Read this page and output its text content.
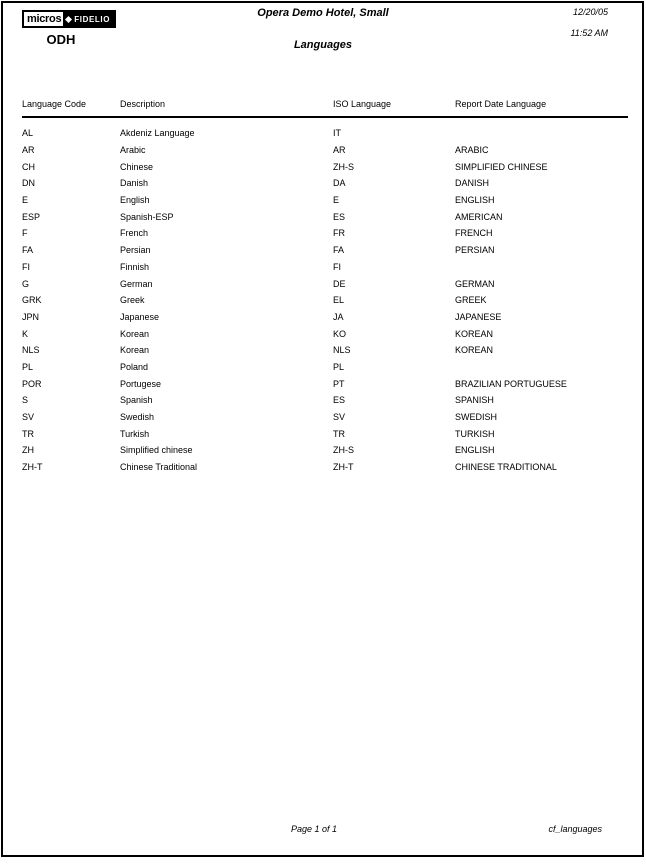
micros FIDELIO
ODH
Opera Demo Hotel, Small
Languages
12/20/05
11:52 AM
Language Code	Description	ISO Language	Report Date Language

AL	Akdeniz Language	IT	
AR	Arabic	AR	ARABIC
CH	Chinese	ZH-S	SIMPLIFIED CHINESE
DN	Danish	DA	DANISH
E	English	E	ENGLISH
ESP	Spanish-ESP	ES	AMERICAN
F	French	FR	FRENCH
FA	Persian	FA	PERSIAN
FI	Finnish	FI	
G	German	DE	GERMAN
GRK	Greek	EL	GREEK
JPN	Japanese	JA	JAPANESE
K	Korean	KO	KOREAN
NLS	Korean	NLS	KOREAN
PL	Poland	PL	
POR	Portugese	PT	BRAZILIAN PORTUGUESE
S	Spanish	ES	SPANISH
SV	Swedish	SV	SWEDISH
TR	Turkish	TR	TURKISH
ZH	Simplified chinese	ZH-S	ENGLISH
ZH-T	Chinese Traditional	ZH-T	CHINESE TRADITIONAL
Page 1 of 1	cf_languages
